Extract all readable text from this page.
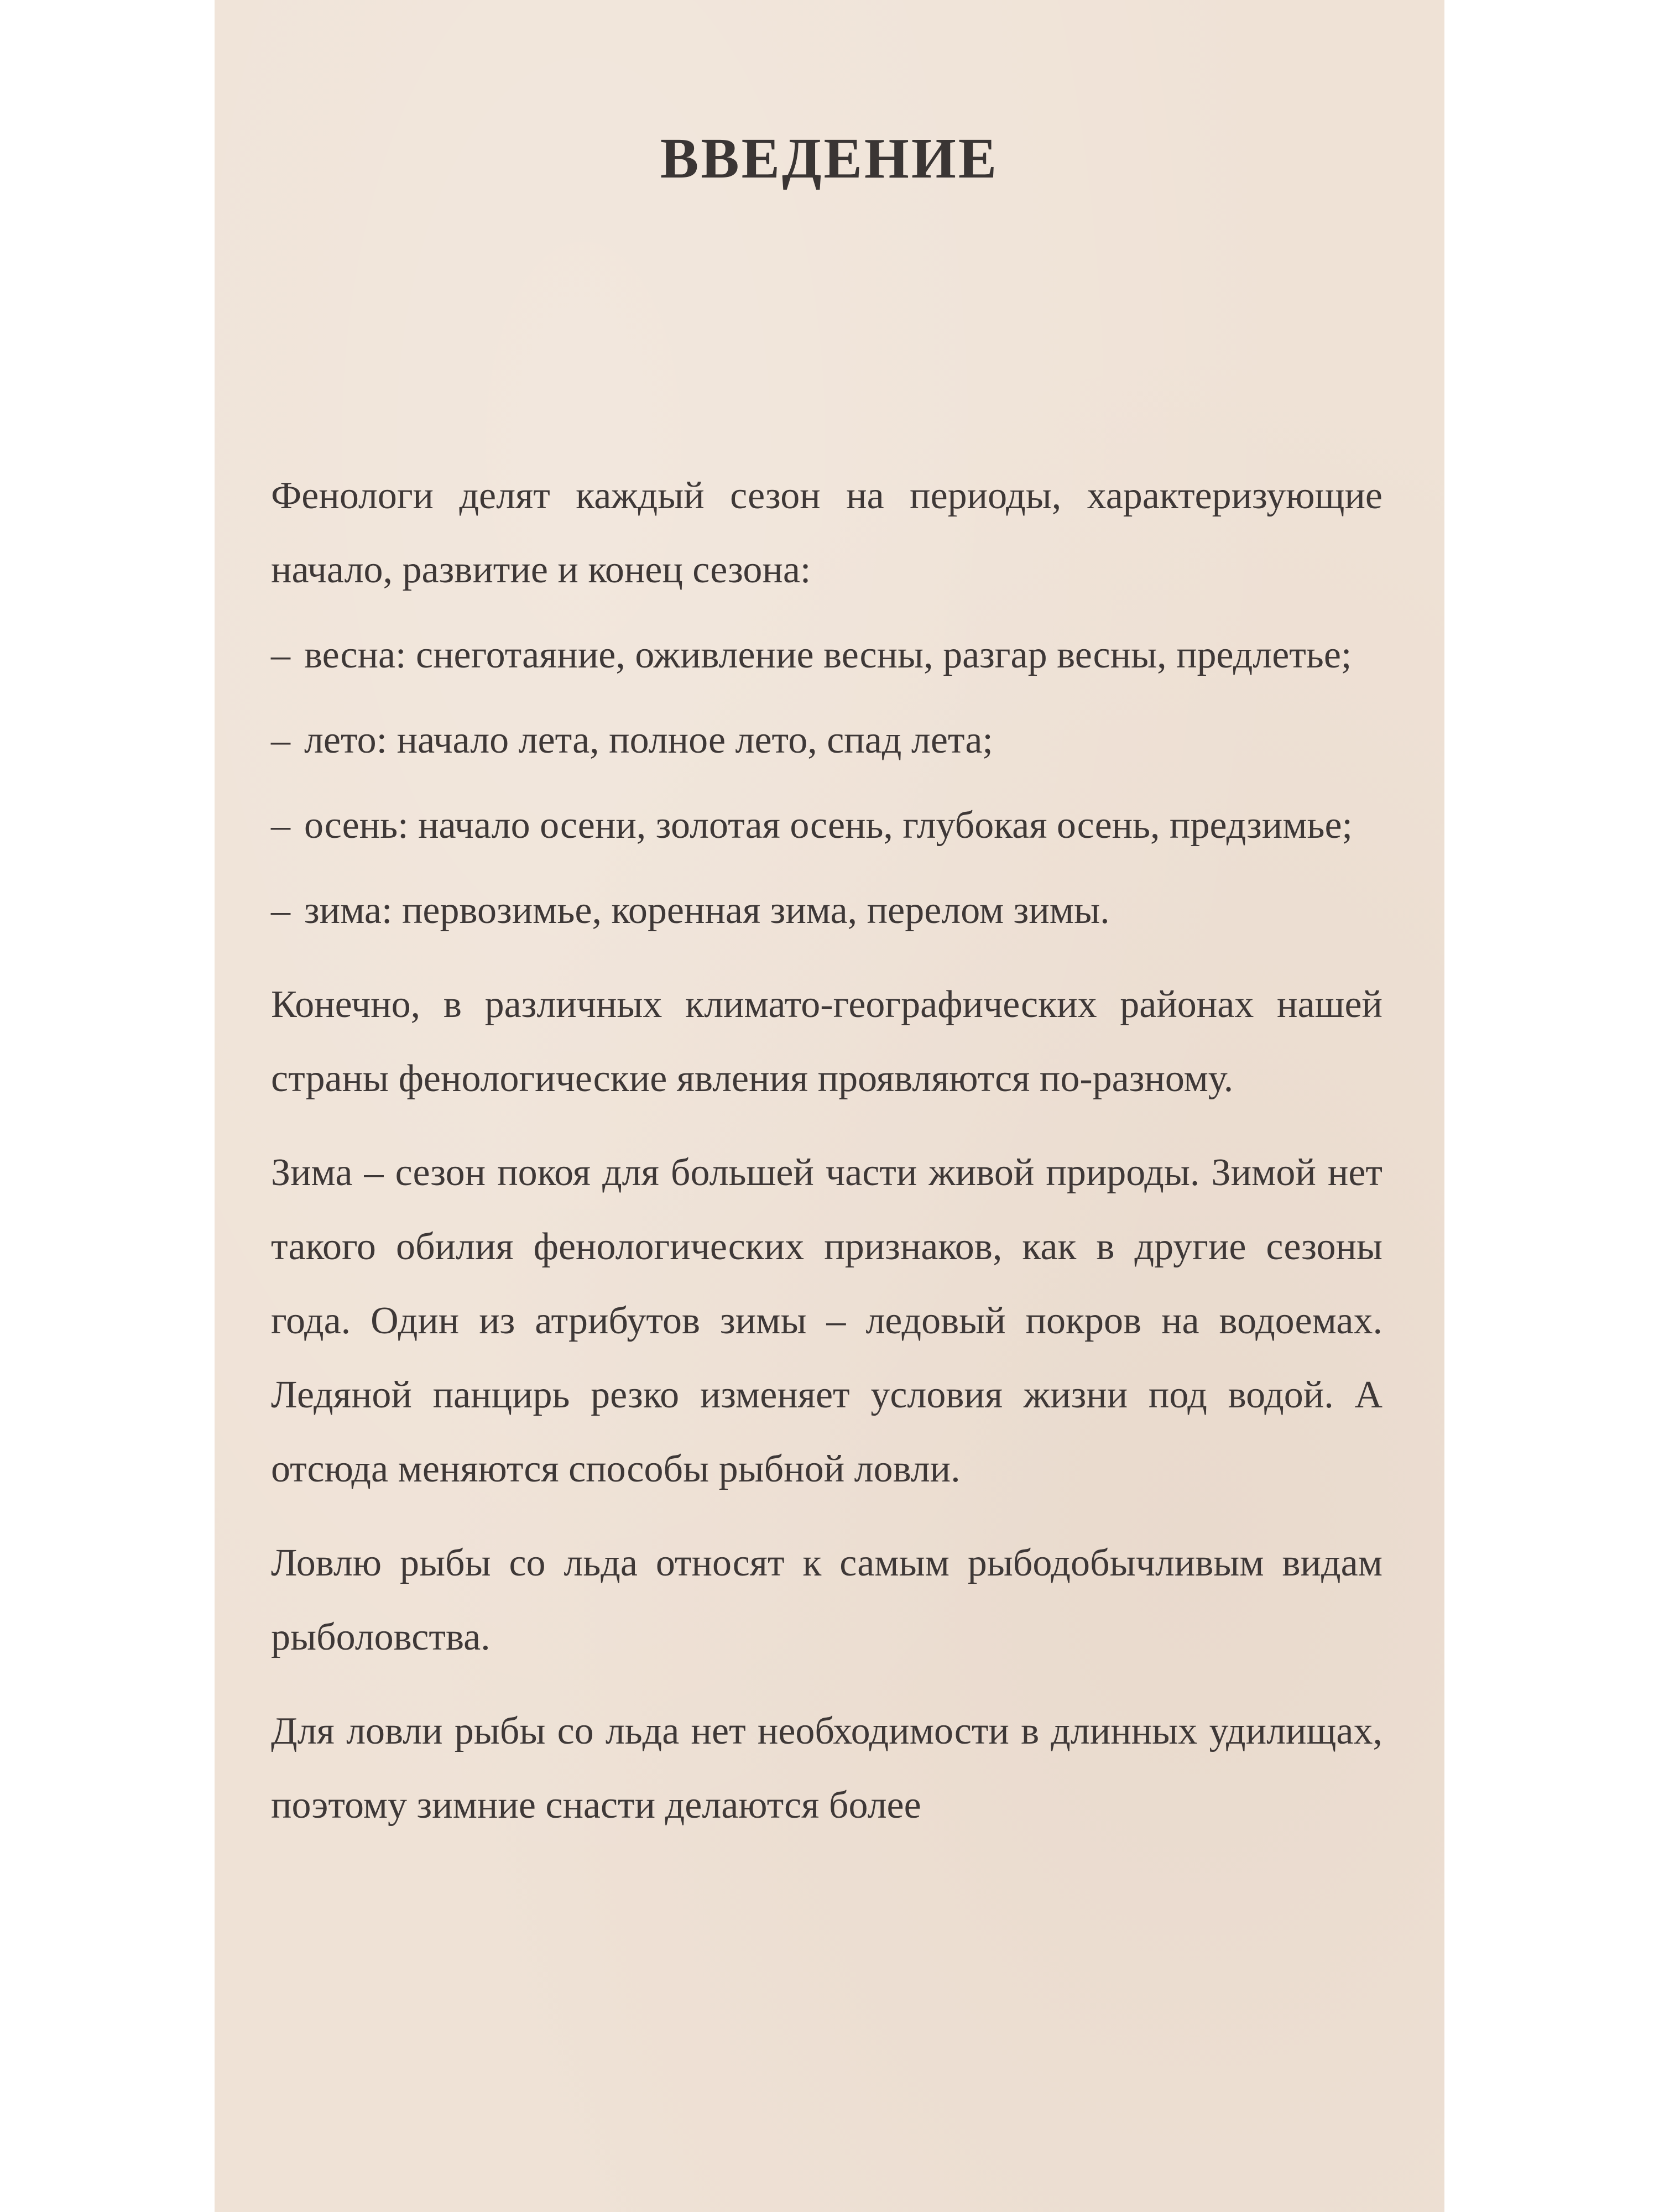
ВВЕДЕНИЕ

Фенологи делят каждый сезон на периоды, характеризующие начало, развитие и конец сезона:

– весна: снеготаяние, оживление весны, разгар весны, предлетье;
– лето: начало лета, полное лето, спад лета;
– осень: начало осени, золотая осень, глубокая осень, предзимье;
– зима: первозимье, коренная зима, перелом зимы.

Конечно, в различных климато-географических районах нашей страны фенологические явления проявляются по-разному.

Зима – сезон покоя для большей части живой природы. Зимой нет такого обилия фенологических признаков, как в другие сезоны года. Один из атрибутов зимы – ледовый покров на водоемах. Ледяной панцирь резко изменяет условия жизни под водой. А отсюда меняются способы рыбной ловли.

Ловлю рыбы со льда относят к самым рыбодобычливым видам рыболовства.

Для ловли рыбы со льда нет необходимости в длинных удилищах, поэтому зимние снасти делаются более
